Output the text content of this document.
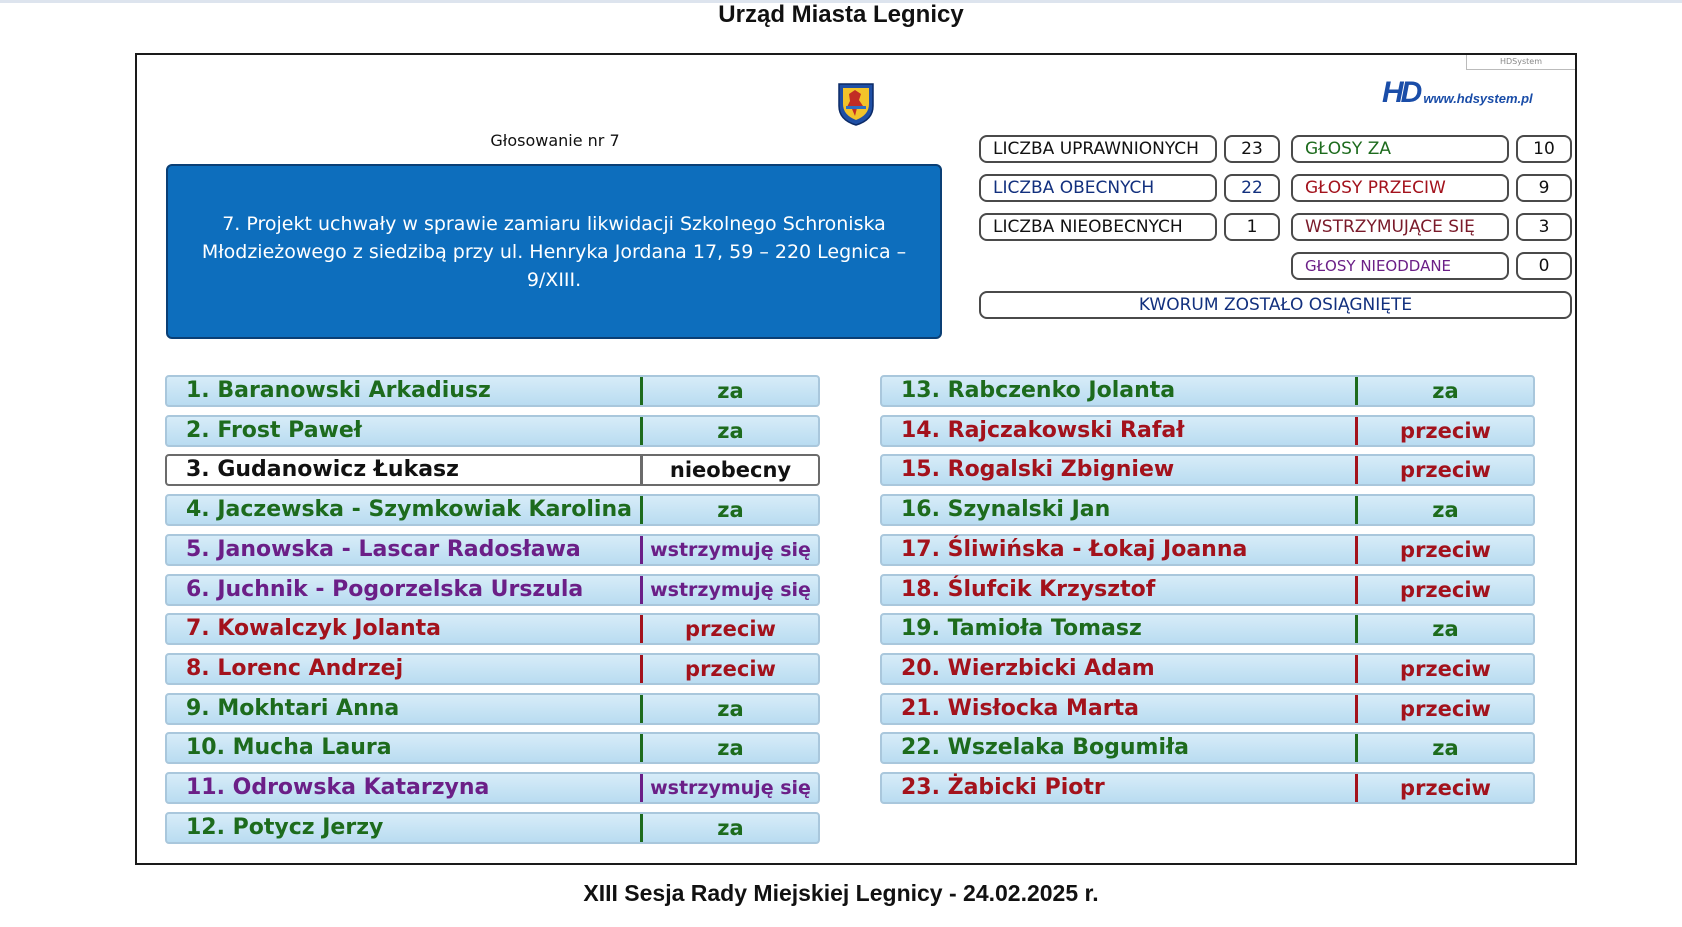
Urząd Miasta Legnicy
HDSystem
HD www.hdsystem.pl
Głosowanie nr 7
7. Projekt uchwały w sprawie zamiaru likwidacji Szkolnego Schroniska Młodzieżowego z siedzibą przy ul. Henryka Jordana 17, 59 – 220 Legnica – 9/XIII.
LICZBA UPRAWNIONYCH	23
LICZBA OBECNYCH	22
LICZBA NIEOBECNYCH	1
GŁOSY ZA	10
GŁOSY PRZECIW	9
WSTRZYMUJĄCE SIĘ	3
GŁOSY NIEODDANE	0
KWORUM ZOSTAŁO OSIĄGNIĘTE
1. Baranowski Arkadiusz	za
2. Frost Paweł	za
3. Gudanowicz Łukasz	nieobecny
4. Jaczewska - Szymkowiak Karolina	za
5. Janowska - Lascar Radosława	wstrzymuję się
6. Juchnik - Pogorzelska Urszula	wstrzymuję się
7. Kowalczyk Jolanta	przeciw
8. Lorenc Andrzej	przeciw
9. Mokhtari Anna	za
10. Mucha Laura	za
11. Odrowska Katarzyna	wstrzymuję się
12. Potycz Jerzy	za
13. Rabczenko Jolanta	za
14. Rajczakowski Rafał	przeciw
15. Rogalski Zbigniew	przeciw
16. Szynalski Jan	za
17. Śliwińska - Łokaj Joanna	przeciw
18. Ślufcik Krzysztof	przeciw
19. Tamioła Tomasz	za
20. Wierzbicki Adam	przeciw
21. Wisłocka Marta	przeciw
22. Wszelaka Bogumiła	za
23. Żabicki Piotr	przeciw
XIII Sesja Rady Miejskiej Legnicy - 24.02.2025 r.
